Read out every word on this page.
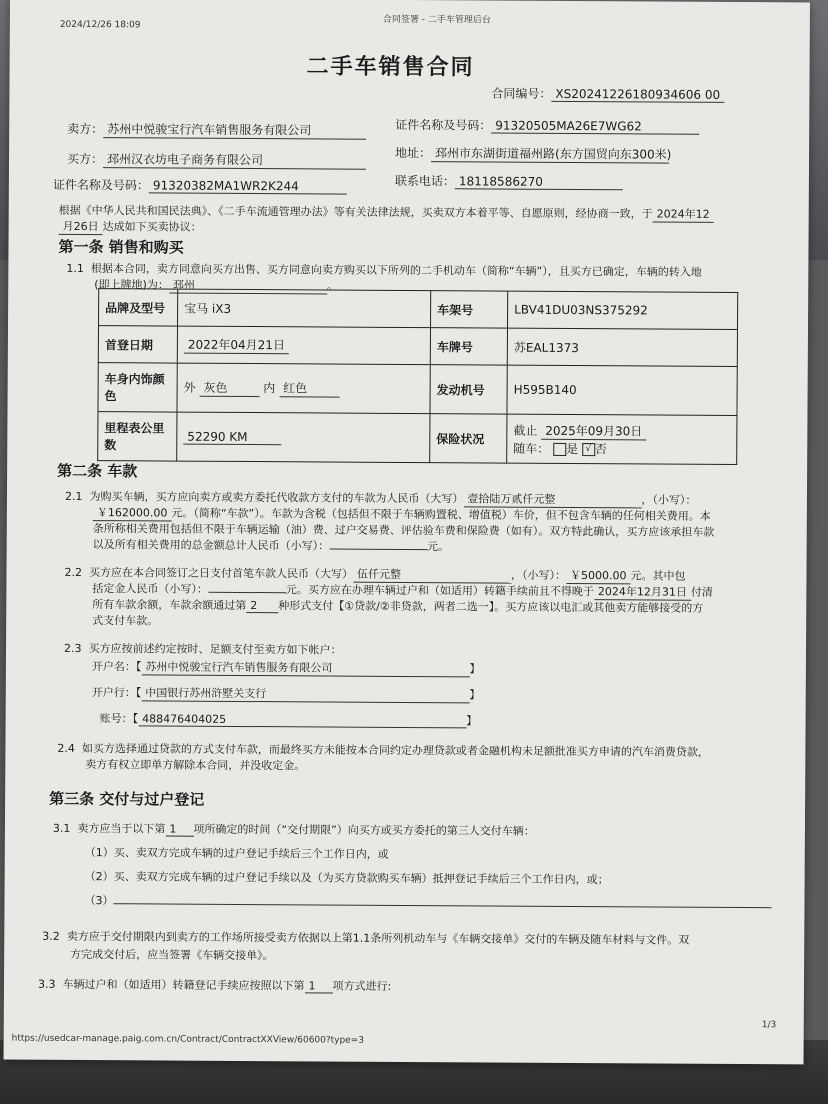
2024/12/26 18:09	合同签署 - 二手车管理后台
二手车销售合同
合同编号： XS20241226180934606 00
卖方： 苏州中悦骏宝行汽车销售服务有限公司	证件名称及号码： 91320505MA26E7WG62
买方： 邳州汉衣坊电子商务有限公司	地址： 邳州市东湖街道福州路(东方国贸向东300米)
证件名称及号码： 91320382MA1WR2K244	联系电话： 18118586270
根据《中华人民共和国民法典》、《二手车流通管理办法》等有关法律法规，买卖双方本着平等、自愿原则，经协商一致，于 2024年12
月26日 达成如下买卖协议：
第一条 销售和购买
1.1 根据本合同，卖方同意向买方出售、买方同意向卖方购买以下所列的二手机动车（简称“车辆”），且买方已确定，车辆的转入地
(即上牌地)为： 邳州	。
品牌及型号	宝马 iX3	车架号	LBV41DU03NS375292
首登日期	2022年04月21日	车牌号	苏EAL1373
车身内饰颜色	外 灰色 内 红色	发动机号	H595B140
里程表公里数	52290 KM	保险状况	截止 2025年09月30日
随车： 是 √ 否
第二条 车款
2.1 为购买车辆，买方应向卖方或卖方委托代收款方支付的车款为人民币（大写） 壹拾陆万贰仟元整	，（小写）：
￥162000.00 元。（简称“车款”）。车款为含税（包括但不限于车辆购置税、增值税）车价，但不包含车辆的任何相关费用。本
条所称相关费用包括但不限于车辆运输（油）费、过户交易费、评估验车费和保险费（如有）。双方特此确认，买方应该承担车款
以及所有相关费用的总金额总计人民币（小写）：	元。
2.2 买方应在本合同签订之日支付首笔车款人民币（大写） 伍仟元整	，（小写）： ￥5000.00 元。其中包
括定金人民币（小写）：	元。买方应在办理车辆过户和（如适用）转籍手续前且不得晚于 2024年12月31日 付清
所有车款余额，车款余额通过第 2 种形式支付【①贷款/②非贷款，两者二选一】。买方应该以电汇或其他卖方能够接受的方
式支付车款。
2.3 买方应按前述约定按时、足额支付至卖方如下帐户：
开户名：【 苏州中悦骏宝行汽车销售服务有限公司	】
开户行：【 中国银行苏州浒墅关支行	】
账号：【 488476404025	】
2.4 如买方选择通过贷款的方式支付车款，而最终买方未能按本合同约定办理贷款或者金融机构未足额批准买方申请的汽车消费贷款，
卖方有权立即单方解除本合同，并没收定金。
第三条 交付与过户登记
3.1 卖方应当于以下第 1 项所确定的时间（“交付期限”）向买方或买方委托的第三人交付车辆：
（1）买、卖双方完成车辆的过户登记手续后三个工作日内，或
（2）买、卖双方完成车辆的过户登记手续以及（为买方贷款购买车辆）抵押登记手续后三个工作日内，或；
（3）
3.2 卖方应于交付期限内到卖方的工作场所接受卖方依据以上第1.1条所列机动车与《车辆交接单》交付的车辆及随车材料与文件。双
方完成交付后，应当签署《车辆交接单》。
3.3 车辆过户和（如适用）转籍登记手续应按照以下第 1 项方式进行:
1/3
https://usedcar-manage.paig.com.cn/Contract/ContractXXView/60600?type=3
